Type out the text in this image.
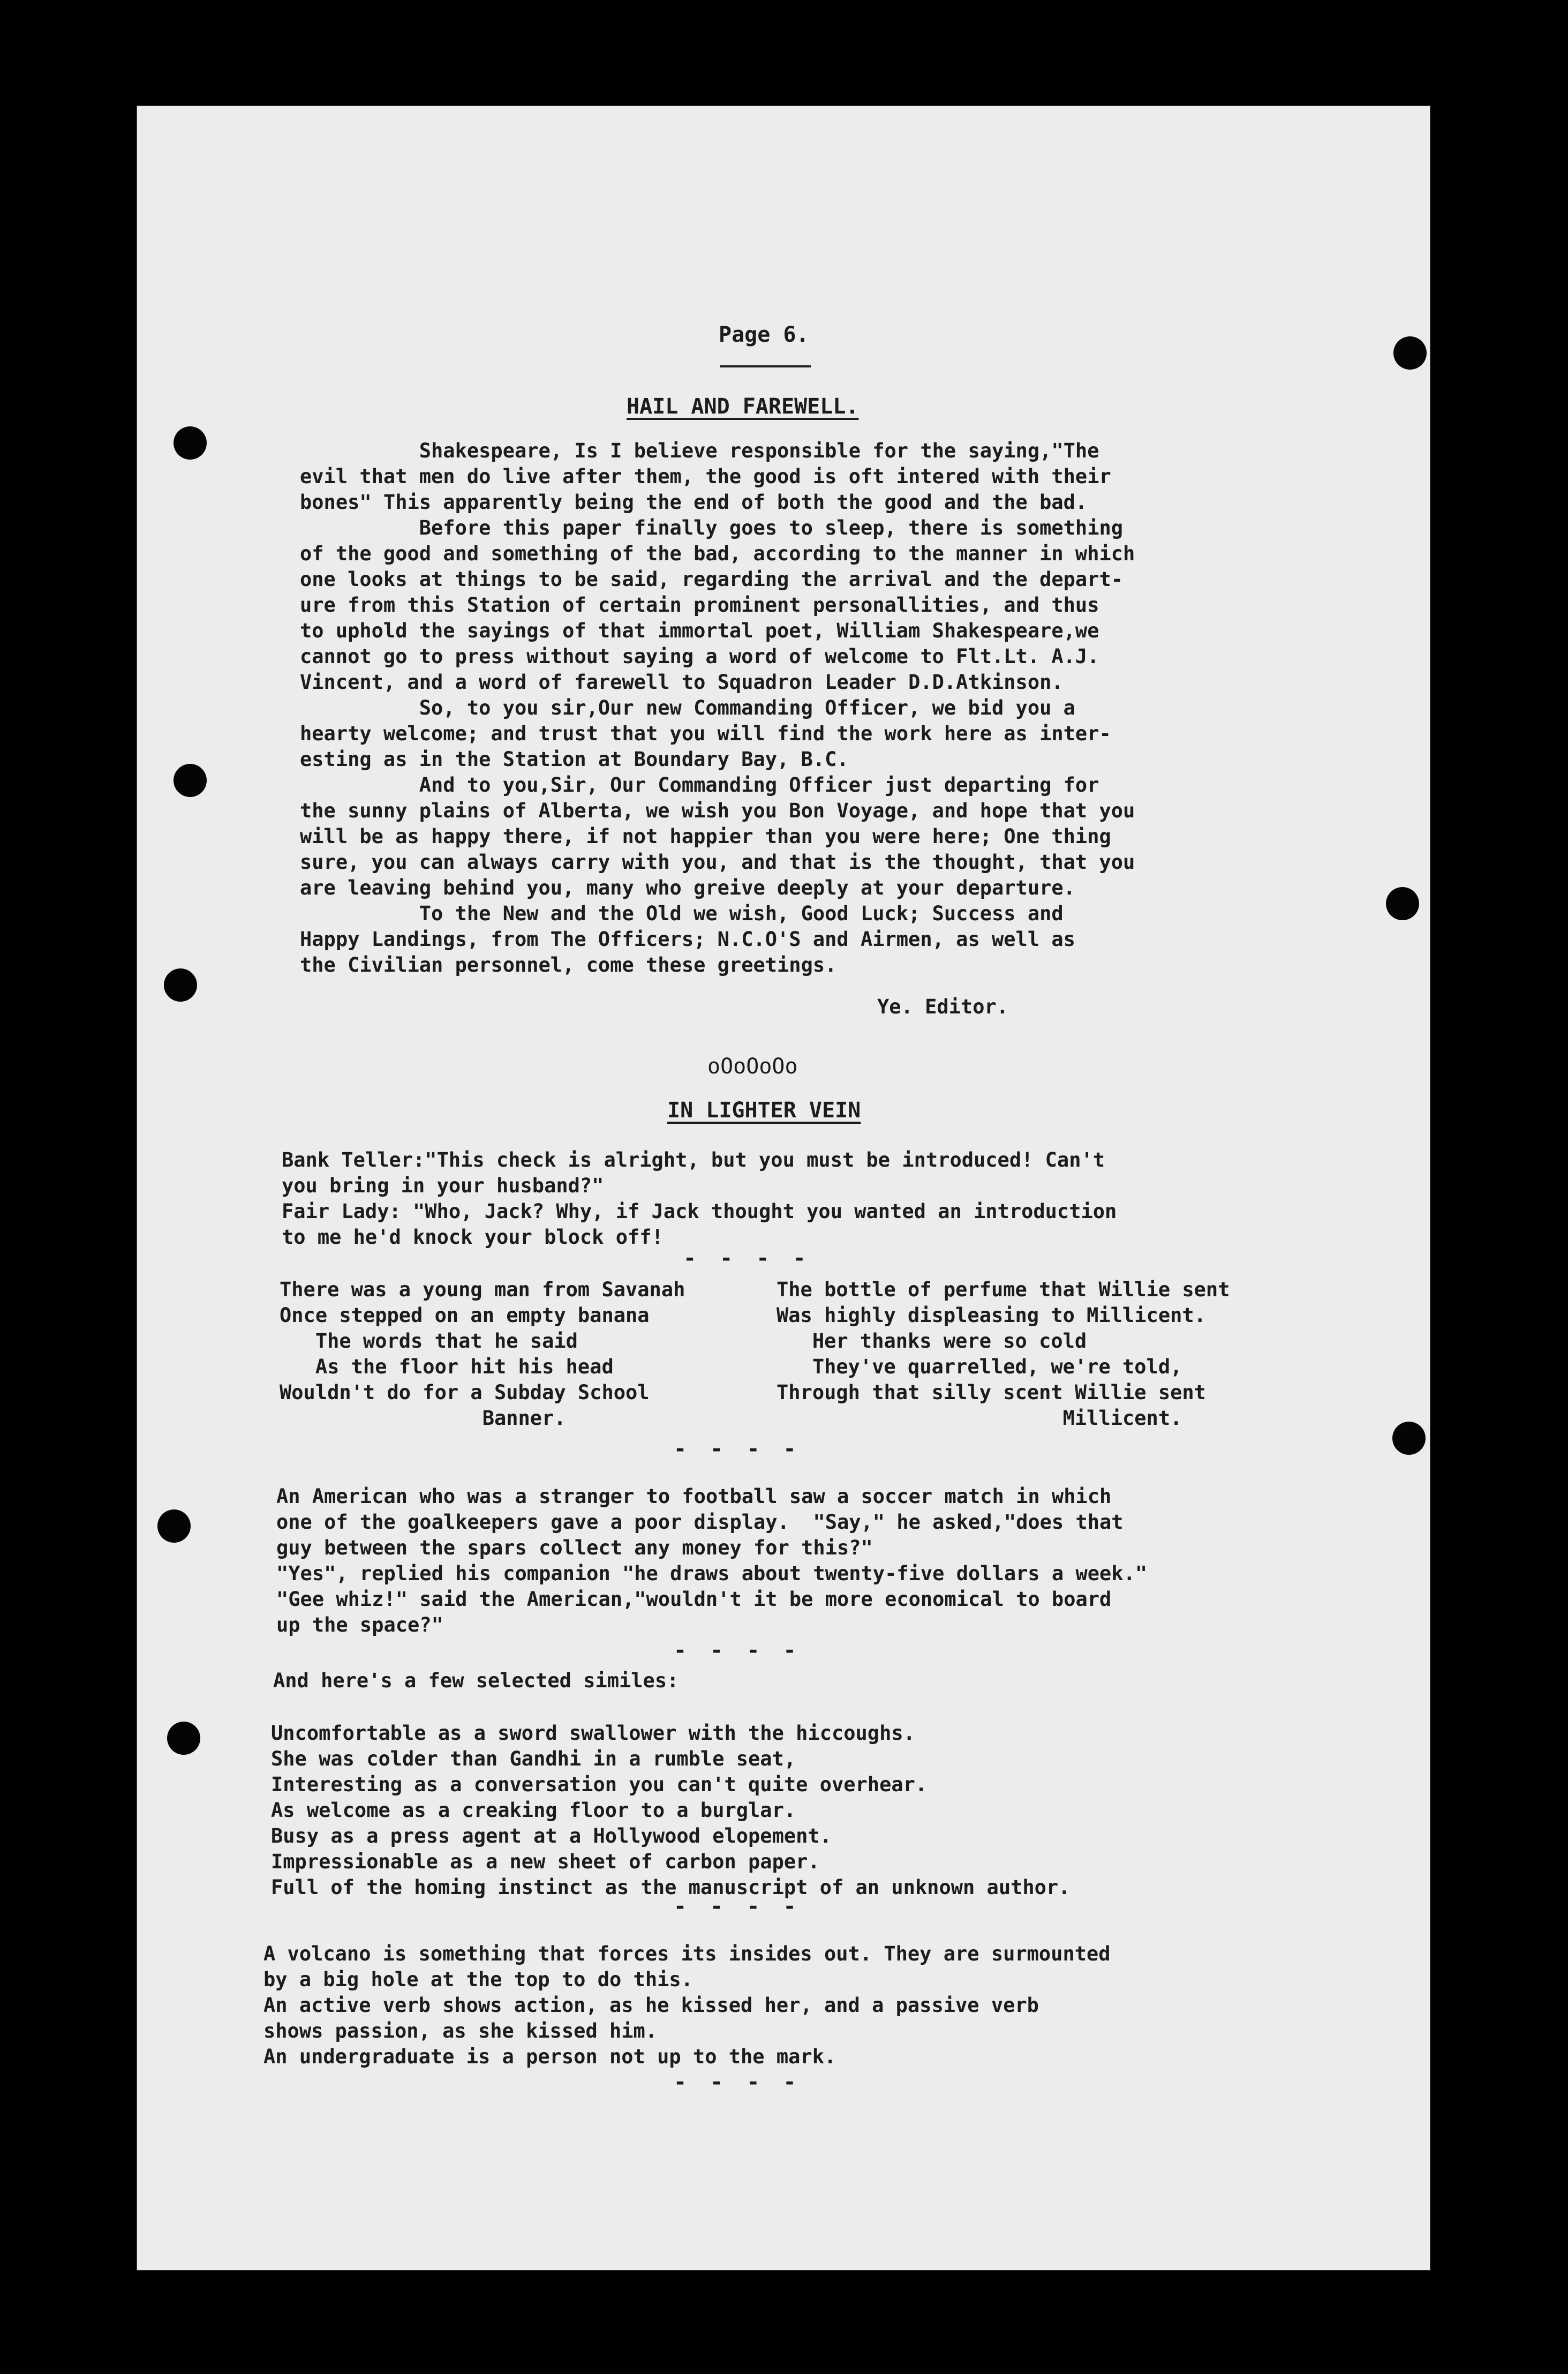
Page 6.
HAIL AND FAREWELL.
Shakespeare, Is I believe responsible for the saying,"The
evil that men do live after them, the good is oft intered with their
bones" This apparently being the end of both the good and the bad.
Before this paper finally goes to sleep, there is something
of the good and something of the bad, according to the manner in which
one looks at things to be said, regarding the arrival and the depart-
ure from this Station of certain prominent personallities, and thus
to uphold the sayings of that immortal poet, William Shakespeare,we
cannot go to press without saying a word of welcome to Flt.Lt. A.J.
Vincent, and a word of farewell to Squadron Leader D.D.Atkinson.
So, to you sir,Our new Commanding Officer, we bid you a
hearty welcome; and trust that you will find the work here as inter-
esting as in the Station at Boundary Bay, B.C.
And to you,Sir, Our Commanding Officer just departing for
the sunny plains of Alberta, we wish you Bon Voyage, and hope that you
will be as happy there, if not happier than you were here; One thing
sure, you can always carry with you, and that is the thought, that you
are leaving behind you, many who greive deeply at your departure.
To the New and the Old we wish, Good Luck; Success and
Happy Landings, from The Officers; N.C.O'S and Airmen, as well as
the Civilian personnel, come these greetings.
Ye. Editor.
oOoOoOo
IN LIGHTER VEIN
Bank Teller:"This check is alright, but you must be introduced! Can't
you bring in your husband?"
Fair Lady: "Who, Jack? Why, if Jack thought you wanted an introduction
to me he'd knock your block off!
- - - -
There was a young man from Savanah
Once stepped on an empty banana
The words that he said
As the floor hit his head
Wouldn't do for a Subday School
Banner.
The bottle of perfume that Willie sent
Was highly displeasing to Millicent.
Her thanks were so cold
They've quarrelled, we're told,
Through that silly scent Willie sent
Millicent.
- - - -
An American who was a stranger to football saw a soccer match in which
one of the goalkeepers gave a poor display.  "Say," he asked,"does that
guy between the spars collect any money for this?"
"Yes", replied his companion "he draws about twenty-five dollars a week."
"Gee whiz!" said the American,"wouldn't it be more economical to board
up the space?"
- - - -
And here's a few selected similes:
Uncomfortable as a sword swallower with the hiccoughs.
She was colder than Gandhi in a rumble seat,
Interesting as a conversation you can't quite overhear.
As welcome as a creaking floor to a burglar.
Busy as a press agent at a Hollywood elopement.
Impressionable as a new sheet of carbon paper.
Full of the homing instinct as the manuscript of an unknown author.
- - - -
A volcano is something that forces its insides out. They are surmounted
by a big hole at the top to do this.
An active verb shows action, as he kissed her, and a passive verb
shows passion, as she kissed him.
An undergraduate is a person not up to the mark.
- - - -
